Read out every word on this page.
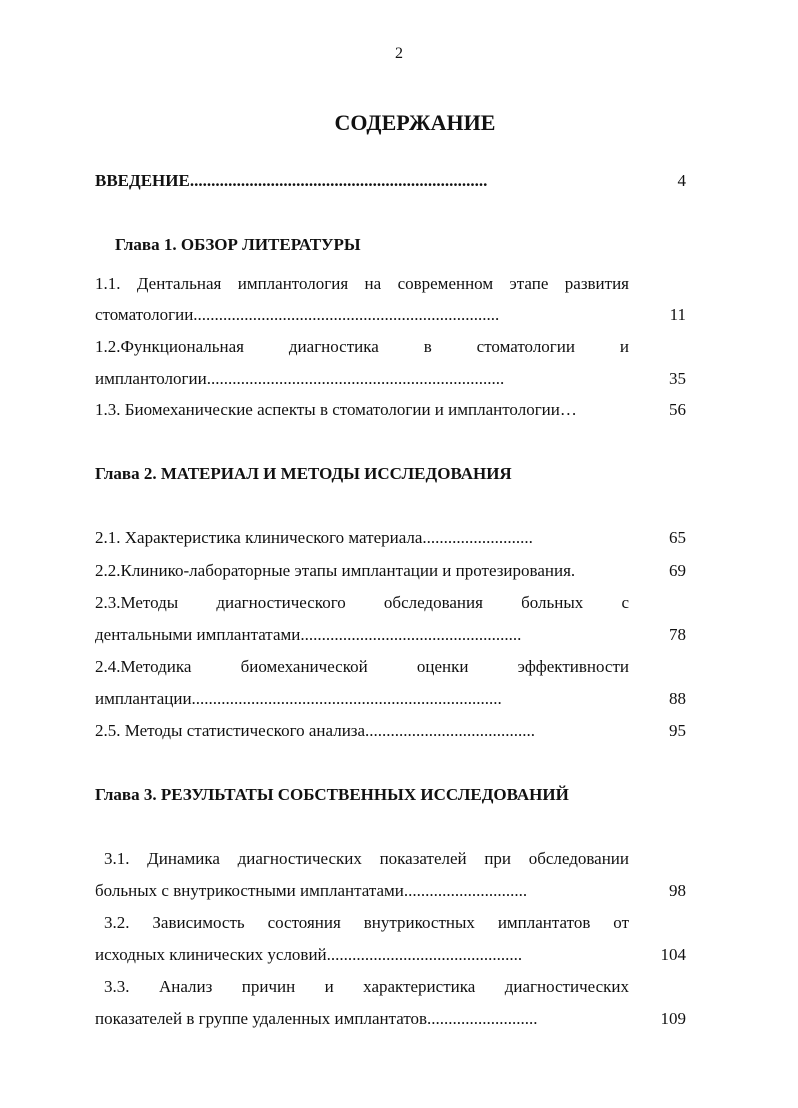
2
СОДЕРЖАНИЕ
ВВЕДЕНИЕ......................................................................	4
Глава 1. ОБЗОР ЛИТЕРАТУРЫ
1.1. Дентальная имплантология на современном этапе развития
стоматологии........................................................................	11
1.2.Функциональная диагностика в стоматологии и
имплантологии......................................................................	35
1.3. Биомеханические аспекты в стоматологии и имплантологии…	56
Глава 2. МАТЕРИАЛ И МЕТОДЫ ИССЛЕДОВАНИЯ
2.1. Характеристика клинического материала..........................	65
2.2.Клинико-лабораторные этапы имплантации и протезирования.	69
2.3.Методы диагностического обследования больных с
дентальными имплантатами....................................................	78
2.4.Методика биомеханической оценки эффективности
имплантации.........................................................................	88
2.5. Методы статистического анализа........................................	95
Глава 3. РЕЗУЛЬТАТЫ СОБСТВЕННЫХ ИССЛЕДОВАНИЙ
3.1. Динамика диагностических показателей при обследовании
больных с внутрикостными имплантатами.............................	98
3.2. Зависимость состояния внутрикостных имплантатов от
исходных клинических условий..............................................	104
3.3. Анализ причин и характеристика диагностических
показателей в группе удаленных имплантатов..........................	109
